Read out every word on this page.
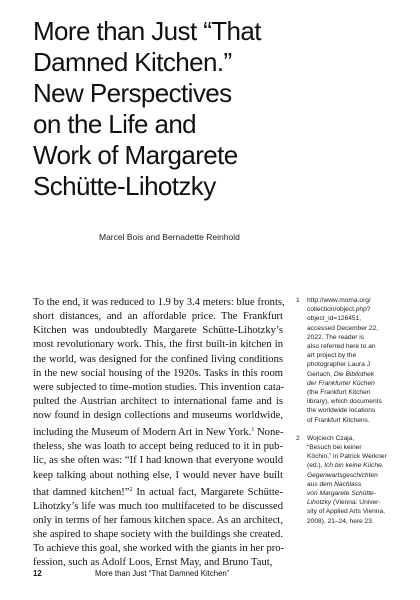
More than Just “That
Damned Kitchen.”
New Perspectives
on the Life and
Work of Margarete
Schütte-Lihotzky
Marcel Bois and Bernadette Reinhold
To the end, it was reduced to 1.9 by 3.4 meters: blue fronts,
short distances, and an affordable price. The Frankfurt
Kitchen was undoubtedly Margarete Schütte-Lihotzky’s
most revolutionary work. This, the first built-in kitchen in
the world, was designed for the confined living conditions
in the new social housing of the 1920s. Tasks in this room
were subjected to time-motion studies. This invention cata-
pulted the Austrian architect to international fame and is
now found in design collections and museums worldwide,
including the Museum of Modern Art in New York.$^1$ None-
theless, she was loath to accept being reduced to it in pub-
lic, as she often was: “If I had known that everyone would
keep talking about nothing else, I would never have built
that damned kitchen!”$^2$ In actual fact, Margarete Schütte-
Lihotzky’s life was much too multifaceted to be discussed
only in terms of her famous kitchen space. As an architect,
she aspired to shape society with the buildings she created.
To achieve this goal, she worked with the giants in her pro-
fession, such as Adolf Loos, Ernst May, and Bruno Taut,
1 http://www.moma.org/
collection/object.php?
object_id=126451,
accessed December 22,
2022. The reader is
also referred here to an
art project by the
photographer Laura J
Gerlach, Die Bibliothek
der Frankfurter Küchen
(the Frankfurt Kitchen
library), which documents
the worldwide locations
of Frankfurt Kitchens.
2 Wojciech Czaja,
“Besuch bei keiner
Köchin,” in Patrick Werkner
(ed.), Ich bin keine Küche.
Gegenwartsgeschichten
aus dem Nachlass
von Margarete Schütte-
Lihotzky (Vienna: Univer-
sity of Applied Arts Vienna,
2008), 21–24, here 23.
12	More than Just “That Damned Kitchen”
